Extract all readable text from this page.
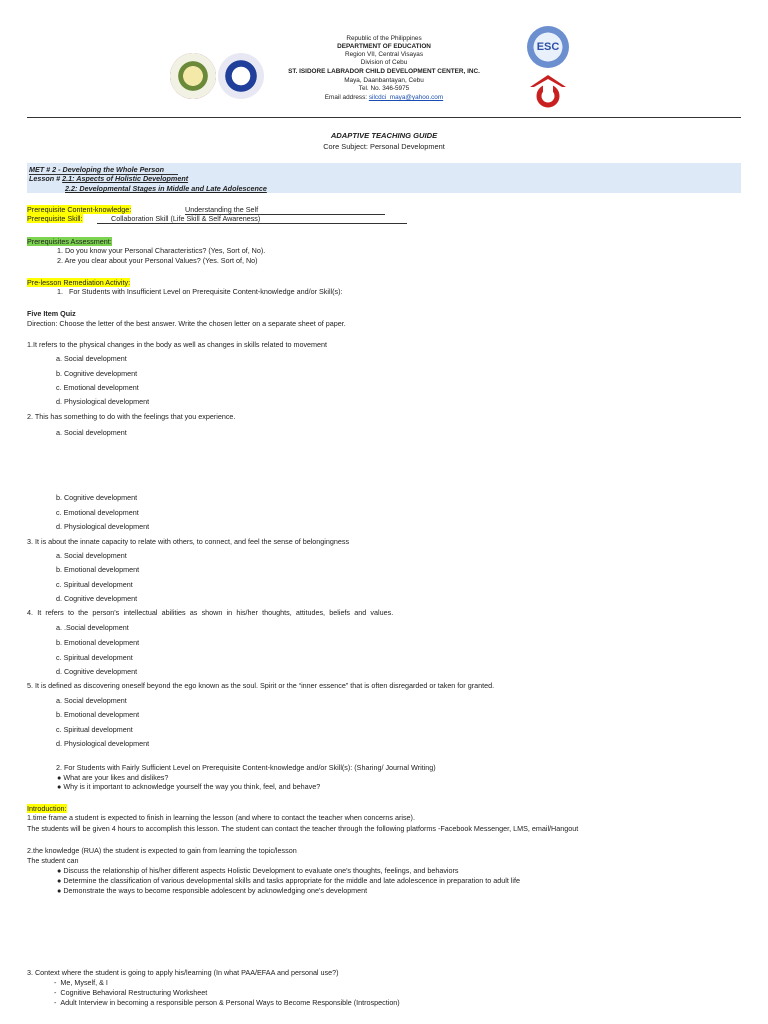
ESC
Republic of the Philippines
DEPARTMENT OF EDUCATION
Region VII, Central Visayas
Division of Cebu
ST. ISIDORE LABRADOR CHILD DEVELOPMENT CENTER, INC.
Maya, Daanbantayan, Cebu
Tel. No. 346-5975
Email address: silcdci_maya@yahoo.com
ADAPTIVE TEACHING GUIDE
Core Subject: Personal Development
MET # 2 - Developing the Whole Person
Lesson # 2.1: Aspects of Holistic Development
2.2: Developmental Stages in Middle and Late Adolescence
Prerequisite Content-knowledge:	Understanding the Self
Prerequisite Skill:	Collaboration Skill (Life Skill & Self Awareness)
Prerequisites Assessment:
1. Do you know your Personal Characteristics? (Yes, Sort of, No).
2. Are you clear about your Personal Values? (Yes. Sort of, No)
Pre-lesson Remediation Activity:
1.   For Students with Insufficient Level on Prerequisite Content-knowledge and/or Skill(s):
Five Item Quiz
Direction: Choose the letter of the best answer. Write the chosen letter on a separate sheet of paper.
1.It refers to the physical changes in the body as well as changes in skills related to movement
a. Social development
b. Cognitive development
c. Emotional development
d. Physiological development
2. This has something to do with the feelings that you experience.
a. Social development
b. Cognitive development
c. Emotional development
d. Physiological development
3. It is about the innate capacity to relate with others, to connect, and feel the sense of belongingness
a. Social development
b. Emotional development
c. Spiritual development
d. Cognitive development
4. It refers to the person's intellectual abilities as shown in his/her thoughts, attitudes, beliefs and values.
a. .Social development
b. Emotional development
c. Spiritual development
d. Cognitive development
5. It is defined as discovering oneself beyond the ego known as the soul. Spirit or the “inner essence” that is often disregarded or taken for granted.
a. Social development
b. Emotional development
c. Spiritual development
d. Physiological development
2. For Students with Fairly Sufficient Level on Prerequisite Content-knowledge and/or Skill(s): (Sharing/ Journal Writing)
● What are your likes and dislikes?
● Why is it important to acknowledge yourself the way you think, feel, and behave?
Introduction:
1.time frame a student is expected to finish in learning the lesson (and where to contact the teacher when concerns arise).
The students will be given 4 hours to accomplish this lesson. The student can contact the teacher through the following platforms -Facebook Messenger, LMS, email/Hangout
2.the knowledge (RUA) the student is expected to gain from learning the topic/lesson
The student can
● Discuss the relationship of his/her different aspects Holistic Development to evaluate one's thoughts, feelings, and behaviors
● Determine the classification of various developmental skills and tasks appropriate for the middle and late adolescence in preparation to adult life
● Demonstrate the ways to become responsible adolescent by acknowledging one's development
3. Context where the student is going to apply his/learning (In what PAA/EFAA and personal use?)
-  Me, Myself, & I
-  Cognitive Behavioral Restructuring Worksheet
-  Adult Interview in becoming a responsible person & Personal Ways to Become Responsible (Introspection)
